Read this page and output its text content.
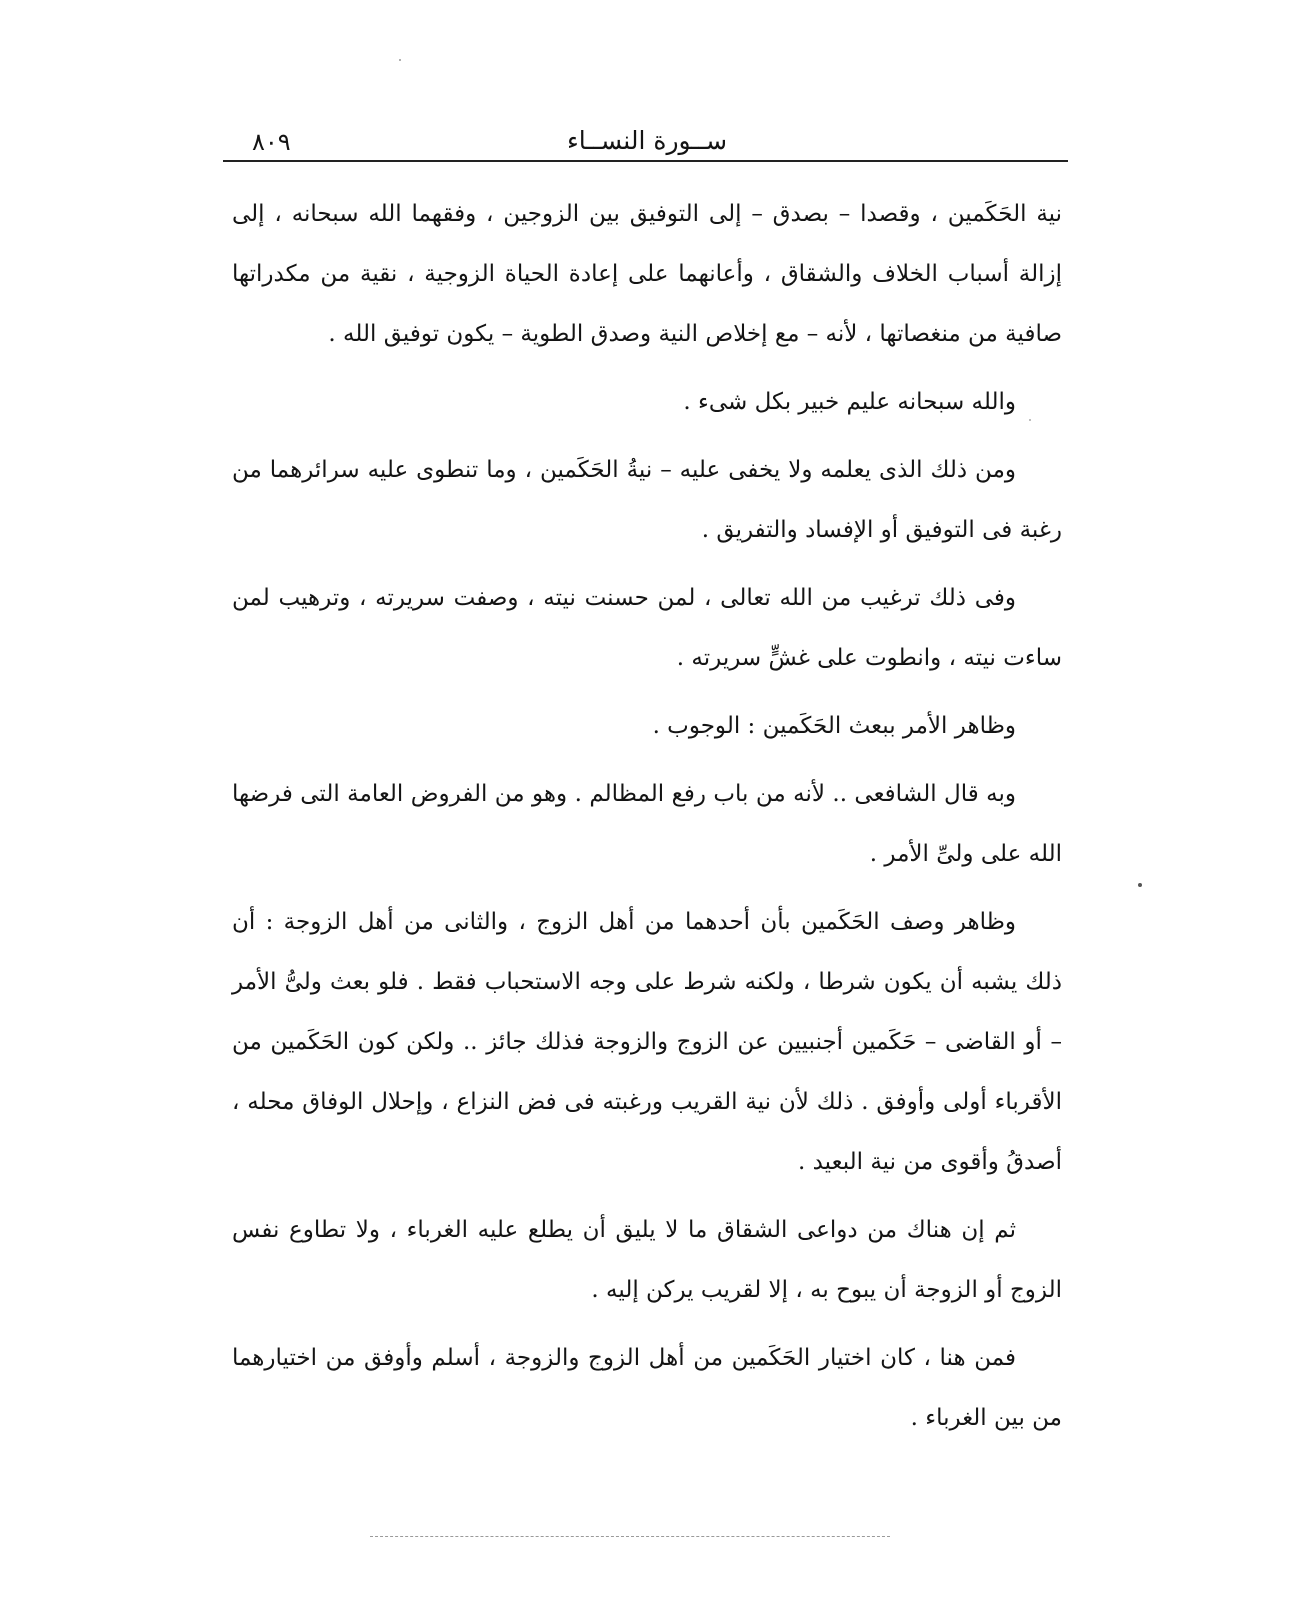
ســورة النســاء
٨٠٩

نية الحَكَمين ، وقصدا – بصدق – إلى التوفيق بين الزوجين ، وفقهما الله سبحانه ، إلى إزالة أسباب الخلاف والشقاق ، وأعانهما على إعادة الحياة الزوجية ، نقية من مكدراتها صافية من منغصاتها ، لأنه – مع إخلاص النية وصدق الطوية – يكون توفيق الله .

والله سبحانه عليم خبير بكل شىء .

ومن ذلك الذى يعلمه ولا يخفى عليه – نيةُ الحَكَمين ، وما تنطوى عليه سرائرهما من رغبة فى التوفيق أو الإفساد والتفريق .

وفى ذلك ترغيب من الله تعالى ، لمن حسنت نيته ، وصفت سريرته ، وترهيب لمن ساءت نيته ، وانطوت على غشٍّ سريرته .

وظاهر الأمر ببعث الحَكَمين : الوجوب .

وبه قال الشافعى .. لأنه من باب رفع المظالم . وهو من الفروض العامة التى فرضها الله على ولىِّ الأمر .

وظاهر وصف الحَكَمين بأن أحدهما من أهل الزوج ، والثانى من أهل الزوجة : أن ذلك يشبه أن يكون شرطا ، ولكنه شرط على وجه الاستحباب فقط . فلو بعث ولىُّ الأمر – أو القاضى – حَكَمين أجنبيين عن الزوج والزوجة فذلك جائز .. ولكن كون الحَكَمين من الأقرباء أولى وأوفق . ذلك لأن نية القريب ورغبته فى فض النزاع ، وإحلال الوفاق محله ، أصدقُ وأقوى من نية البعيد .

ثم إن هناك من دواعى الشقاق ما لا يليق أن يطلع عليه الغرباء ، ولا تطاوع نفس الزوج أو الزوجة أن يبوح به ، إلا لقريب يركن إليه .

فمن هنا ، كان اختيار الحَكَمين من أهل الزوج والزوجة ، أسلم وأوفق من اختيارهما من بين الغرباء .
